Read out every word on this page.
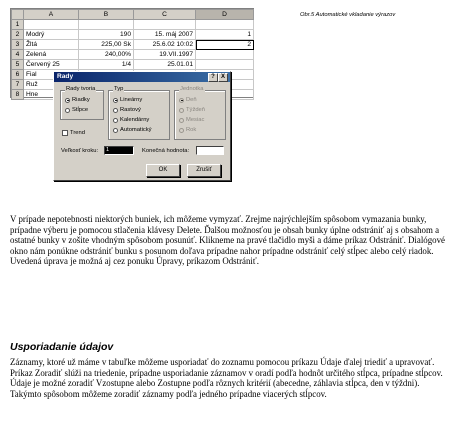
	A	B	C	D
1				
2	Modrý	190	15. máj 2007	1
3	Žltá	225,00 Sk	25.6.02 10:02	2
4	Zelená	240,00%	19.VII.1997	
5	Červený 25	1/4	25.01.01	
6	Fial			
7	Ruž			
8	Hne			
Obr.5 Automatické vkladanie výrazov
Rady	?	X
Rady tvoria
Riadky
Stĺpce
Trend
Typ
Lineárny
Rastový
Kalendárny
Automatický
Jednotka
Deň
Týždeň
Mesiac
Rok
Veľkosť kroku:	1	Konečná hodnota:
OK	Zrušiť

V prípade nepotebnosti niektorých buniek, ich môžeme vymyzať. Zrejme najrýchlejším spôsobom vymazania bunky, prípadne výberu je pomocou stlačenia klávesy Delete. Ďalšou možnosťou je obsah bunky úplne odstrániť aj s obsahom a ostatné bunky v zošite vhodným spôsobom posunúť. Klikneme na pravé tlačidlo myši a dáme príkaz Odstrániť. Dialógové okno nám ponúkne odstrániť bunku s posunom doľava prípadne nahor prípadne odstrániť celý stĺpec alebo celý riadok. Uvedená úprava je možná aj cez ponuku Úpravy, príkazom Odstrániť.

Usporiadanie údajov

Záznamy, ktoré už máme v tabuľke môžeme usporiadať do zoznamu pomocou príkazu Údaje ďalej triediť a upravovať. Príkaz Zoradiť slúži na triedenie, prípadne usporiadanie záznamov v oradí podľa hodnôt určitého stĺpca, prípadne stĺpcov. Údaje je možné zoradiť Vzostupne alebo Zostupne podľa rôznych kritérií (abecedne, záhlavia stĺpca, den v týždni). Takýmto spôsobom môžeme zoradiť záznamy podľa jedného prípadne viacerých stĺpcov.
